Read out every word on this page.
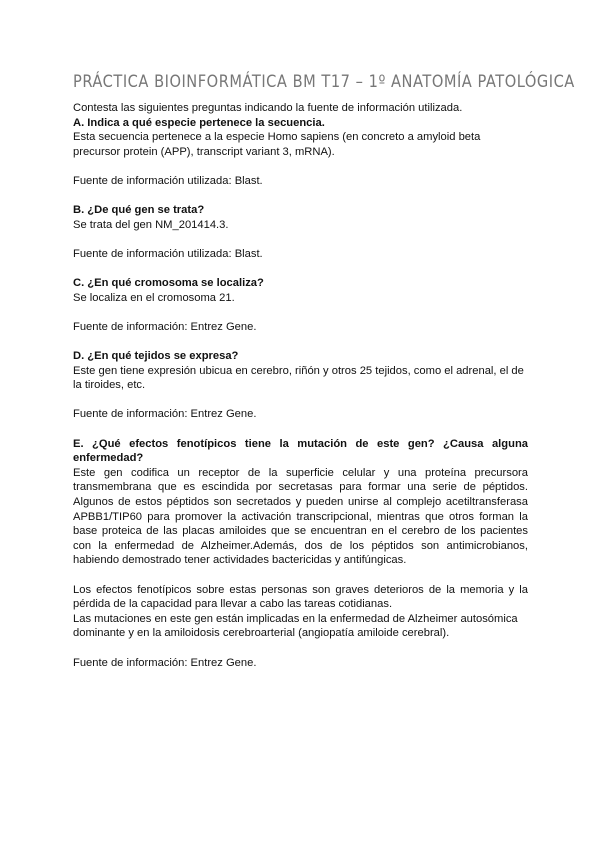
PRÁCTICA BIOINFORMÁTICA BM T17 – 1º ANATOMÍA PATOLÓGICA
Contesta las siguientes preguntas indicando la fuente de información utilizada.
A. Indica a qué especie pertenece la secuencia.
Esta secuencia pertenece a la especie Homo sapiens (en concreto a amyloid beta precursor protein (APP), transcript variant 3, mRNA).
Fuente de información utilizada: Blast.
B. ¿De qué gen se trata?
Se trata del gen NM_201414.3.
Fuente de información utilizada: Blast.
C. ¿En qué cromosoma se localiza?
Se localiza en el cromosoma 21.
Fuente de información: Entrez Gene.
D. ¿En qué tejidos se expresa?
Este gen tiene expresión ubicua en cerebro, riñón y otros 25 tejidos, como el adrenal, el de la tiroides, etc.
Fuente de información: Entrez Gene.
E. ¿Qué efectos fenotípicos tiene la mutación de este gen? ¿Causa alguna enfermedad?
Este gen codifica un receptor de la superficie celular y una proteína precursora transmembrana que es escindida por secretasas para formar una serie de péptidos. Algunos de estos péptidos son secretados y pueden unirse al complejo acetiltransferasa APBB1/TIP60 para promover la activación transcripcional, mientras que otros forman la base proteica de las placas amiloides que se encuentran en el cerebro de los pacientes con la enfermedad de Alzheimer.Además, dos de los péptidos son antimicrobianos, habiendo demostrado tener actividades bactericidas y antifúngicas.
Los efectos fenotípicos sobre estas personas son graves deterioros de la memoria y la pérdida de la capacidad para llevar a cabo las tareas cotidianas.
Las mutaciones en este gen están implicadas en la enfermedad de Alzheimer autosómica dominante y en la amiloidosis cerebroarterial (angiopatía amiloide cerebral).
Fuente de información: Entrez Gene.
